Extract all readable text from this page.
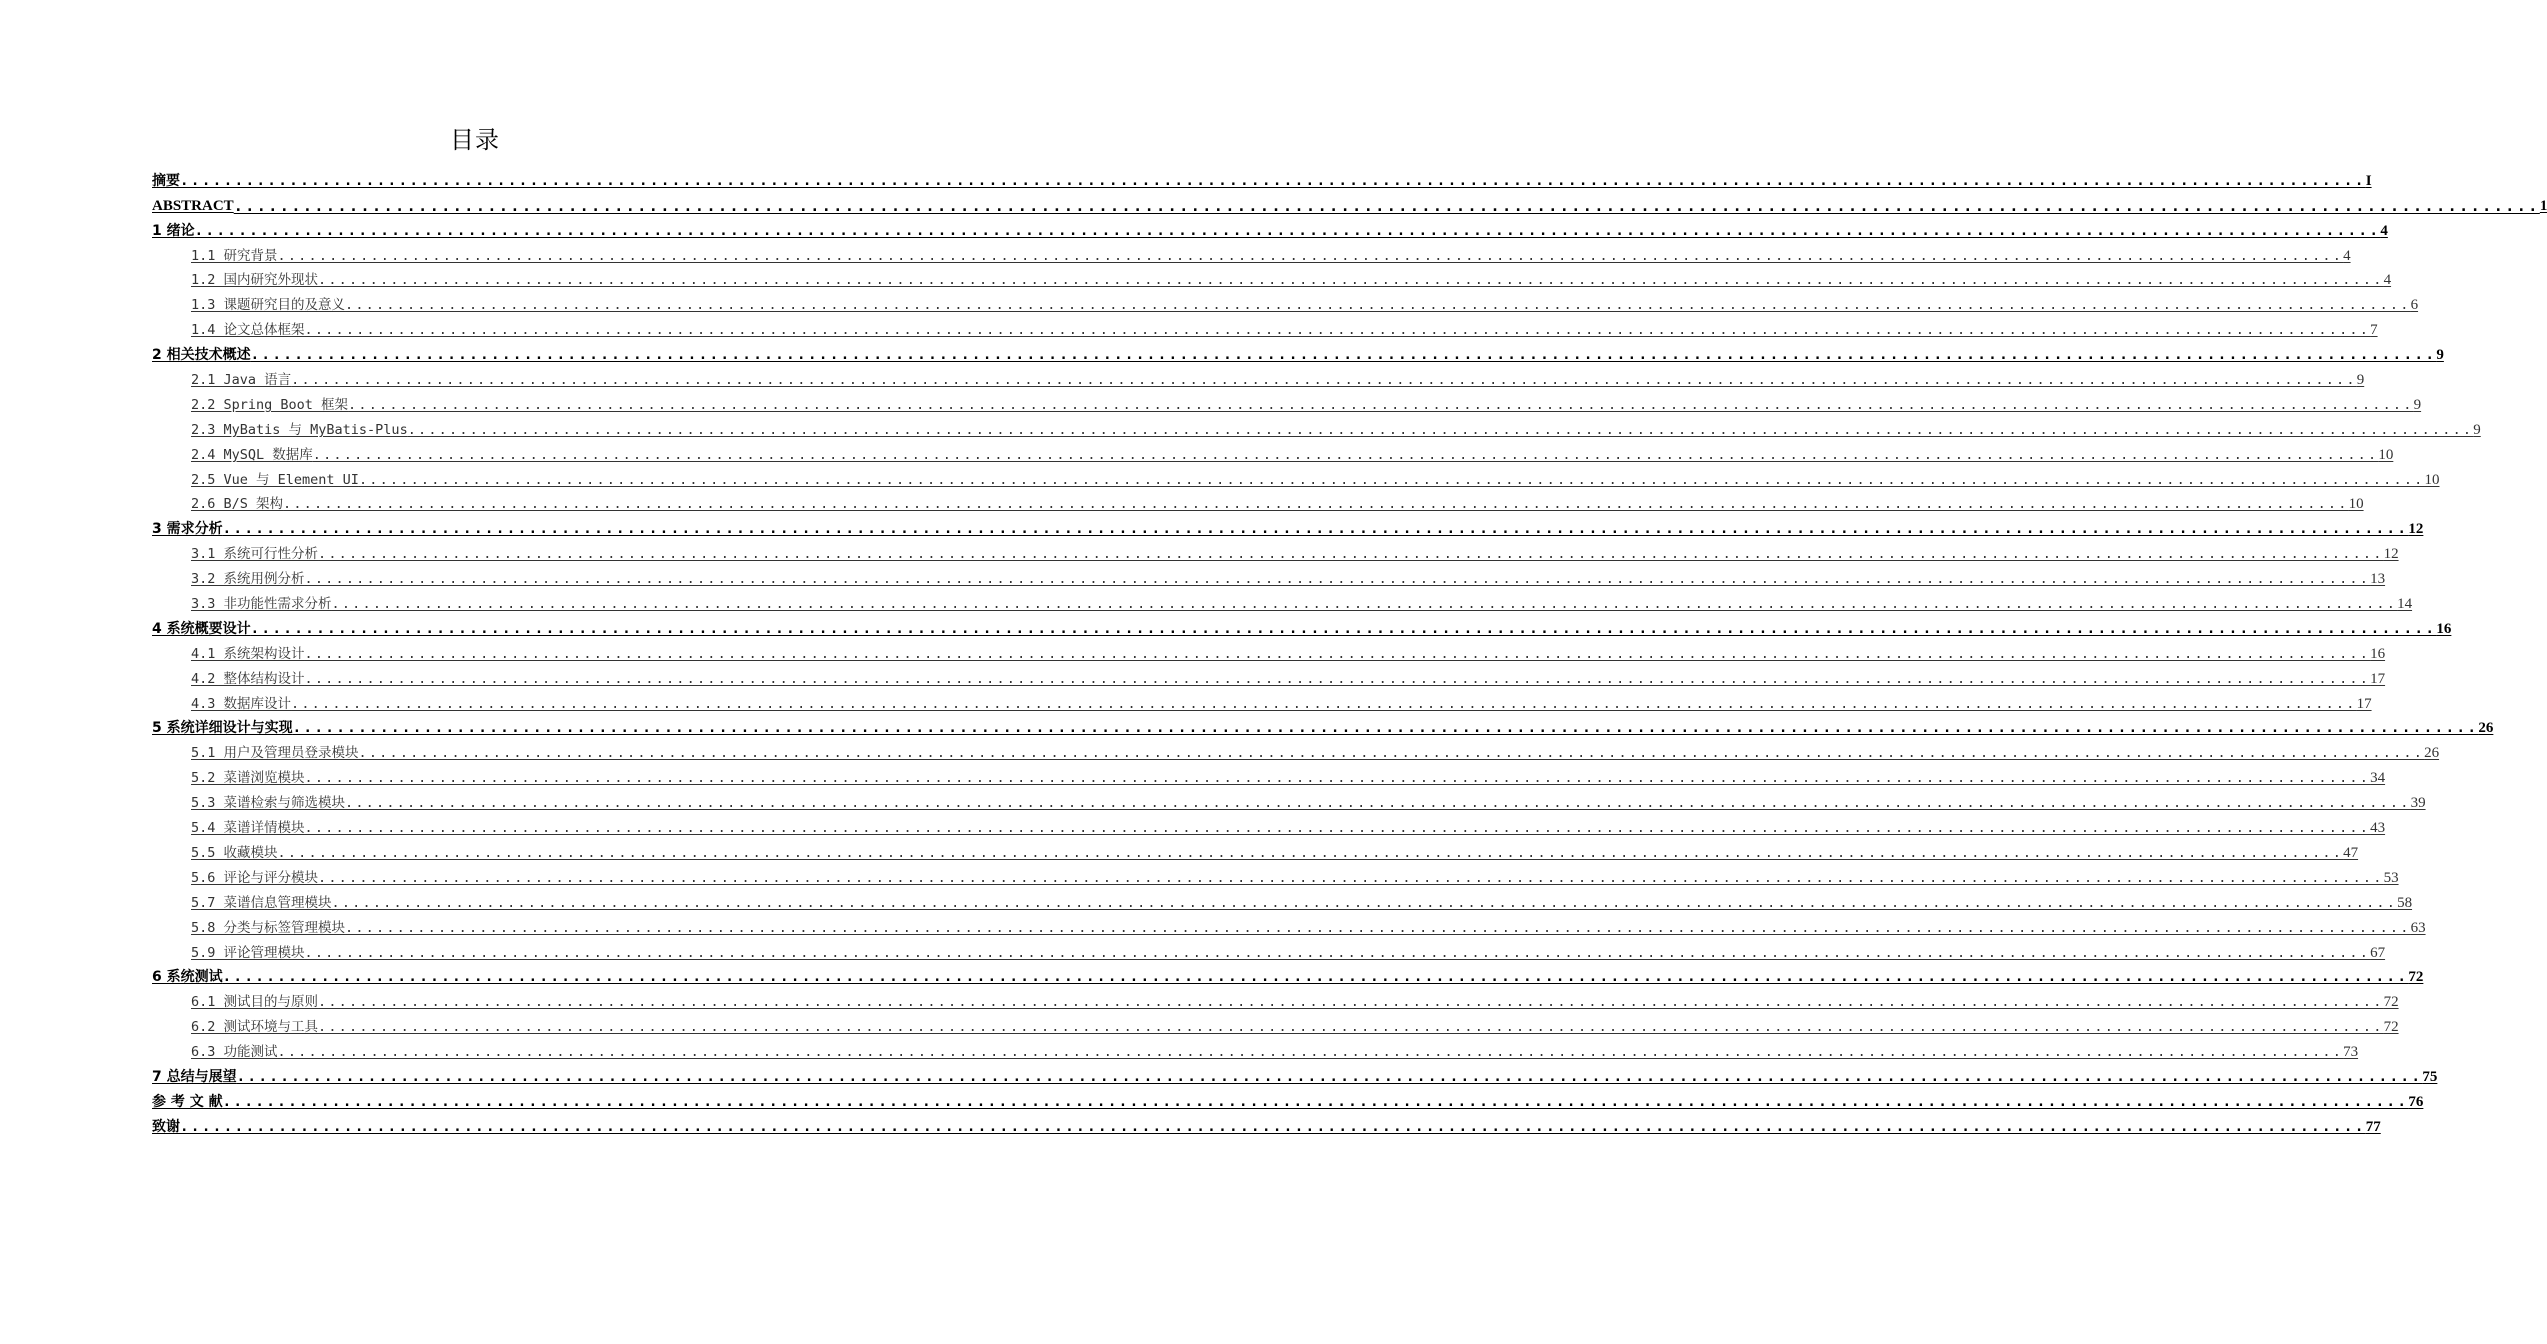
目录
摘要 ........................................................................................................................................................................................................ I
ABSTRACT ........................................................................................................................................................................................................ 1
1 绪论 ........................................................................................................................................................................................................ 4
1.1 研究背景 ........................................................................................................................................................................................................ 4
1.2 国内研究外现状 ........................................................................................................................................................................................................ 4
1.3 课题研究目的及意义 ........................................................................................................................................................................................................ 6
1.4 论文总体框架 ........................................................................................................................................................................................................ 7
2 相关技术概述 ........................................................................................................................................................................................................ 9
2.1 Java 语言 ........................................................................................................................................................................................................ 9
2.2 Spring Boot 框架 ........................................................................................................................................................................................................ 9
2.3 MyBatis 与 MyBatis-Plus ........................................................................................................................................................................................................ 9
2.4 MySQL 数据库 ........................................................................................................................................................................................................ 10
2.5 Vue 与 Element UI ........................................................................................................................................................................................................ 10
2.6 B/S 架构 ........................................................................................................................................................................................................ 10
3 需求分析 ........................................................................................................................................................................................................ 12
3.1 系统可行性分析 ........................................................................................................................................................................................................ 12
3.2 系统用例分析 ........................................................................................................................................................................................................ 13
3.3 非功能性需求分析 ........................................................................................................................................................................................................ 14
4 系统概要设计 ........................................................................................................................................................................................................ 16
4.1 系统架构设计 ........................................................................................................................................................................................................ 16
4.2 整体结构设计 ........................................................................................................................................................................................................ 17
4.3 数据库设计 ........................................................................................................................................................................................................ 17
5 系统详细设计与实现 ........................................................................................................................................................................................................ 26
5.1 用户及管理员登录模块 ........................................................................................................................................................................................................ 26
5.2 菜谱浏览模块 ........................................................................................................................................................................................................ 34
5.3 菜谱检索与筛选模块 ........................................................................................................................................................................................................ 39
5.4 菜谱详情模块 ........................................................................................................................................................................................................ 43
5.5 收藏模块 ........................................................................................................................................................................................................ 47
5.6 评论与评分模块 ........................................................................................................................................................................................................ 53
5.7 菜谱信息管理模块 ........................................................................................................................................................................................................ 58
5.8 分类与标签管理模块 ........................................................................................................................................................................................................ 63
5.9 评论管理模块 ........................................................................................................................................................................................................ 67
6 系统测试 ........................................................................................................................................................................................................ 72
6.1 测试目的与原则 ........................................................................................................................................................................................................ 72
6.2 测试环境与工具 ........................................................................................................................................................................................................ 72
6.3 功能测试 ........................................................................................................................................................................................................ 73
7 总结与展望 ........................................................................................................................................................................................................ 75
参 考 文 献 ........................................................................................................................................................................................................ 76
致谢 ........................................................................................................................................................................................................ 77
